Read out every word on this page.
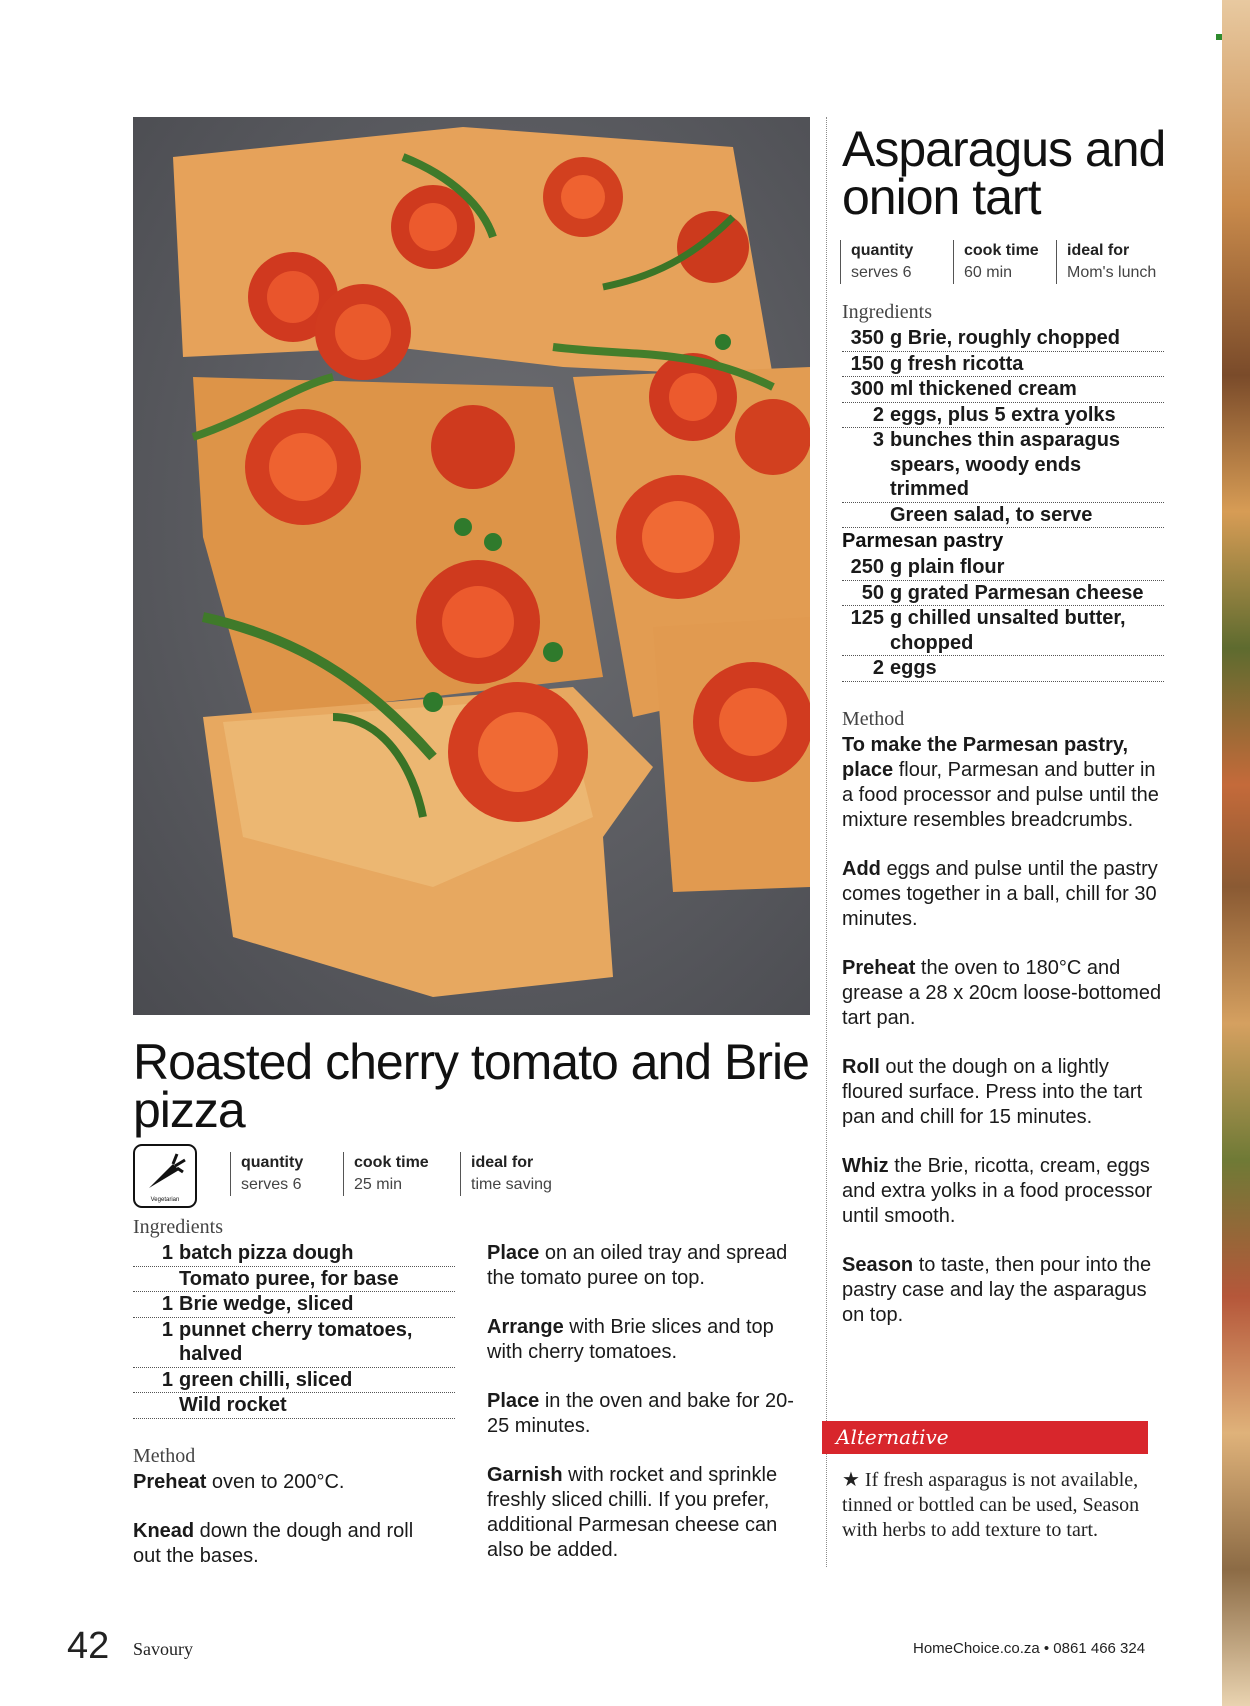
Asparagus and onion tart
quantity
serves 6
cook time
60 min
ideal for
Mom's lunch
Ingredients
350 g Brie, roughly chopped
150 g fresh ricotta
300 ml thickened cream
2 eggs, plus 5 extra yolks
3 bunches thin asparagus spears, woody ends trimmed
Green salad, to serve
Parmesan pastry
250 g plain flour
50 g grated Parmesan cheese
125 g chilled unsalted butter, chopped
2 eggs
Method

To make the Parmesan pastry, place flour, Parmesan and butter in a food processor and pulse until the mixture resembles breadcrumbs.

Add eggs and pulse until the pastry comes together in a ball, chill for 30 minutes.

Preheat the oven to 180°C and grease a 28 x 20cm loose-bottomed tart pan.

Roll out the dough on a lightly floured surface. Press into the tart pan and chill for 15 minutes.

Whiz the Brie, ricotta, cream, eggs and extra yolks in a food processor until smooth.

Season to taste, then pour into the pastry case and lay the asparagus on top.

Alternative

★ If fresh asparagus is not available, tinned or bottled can be used, Season with herbs to add texture to tart.

Roasted cherry tomato and Brie pizza
Vegetarian
quantity
serves 6
cook time
25 min
ideal for
time saving
Ingredients
1 batch pizza dough
Tomato puree, for base
1 Brie wedge, sliced
1 punnet cherry tomatoes, halved
1 green chilli, sliced
Wild rocket
Method

Preheat oven to 200°C.

Knead down the dough and roll out the bases.

Place on an oiled tray and spread the tomato puree on top.

Arrange with Brie slices and top with cherry tomatoes.

Place in the oven and bake for 20-25 minutes.

Garnish with rocket and sprinkle freshly sliced chilli. If you prefer, additional Parmesan cheese can also be added.

42 Savoury	HomeChoice.co.za • 0861 466 324
